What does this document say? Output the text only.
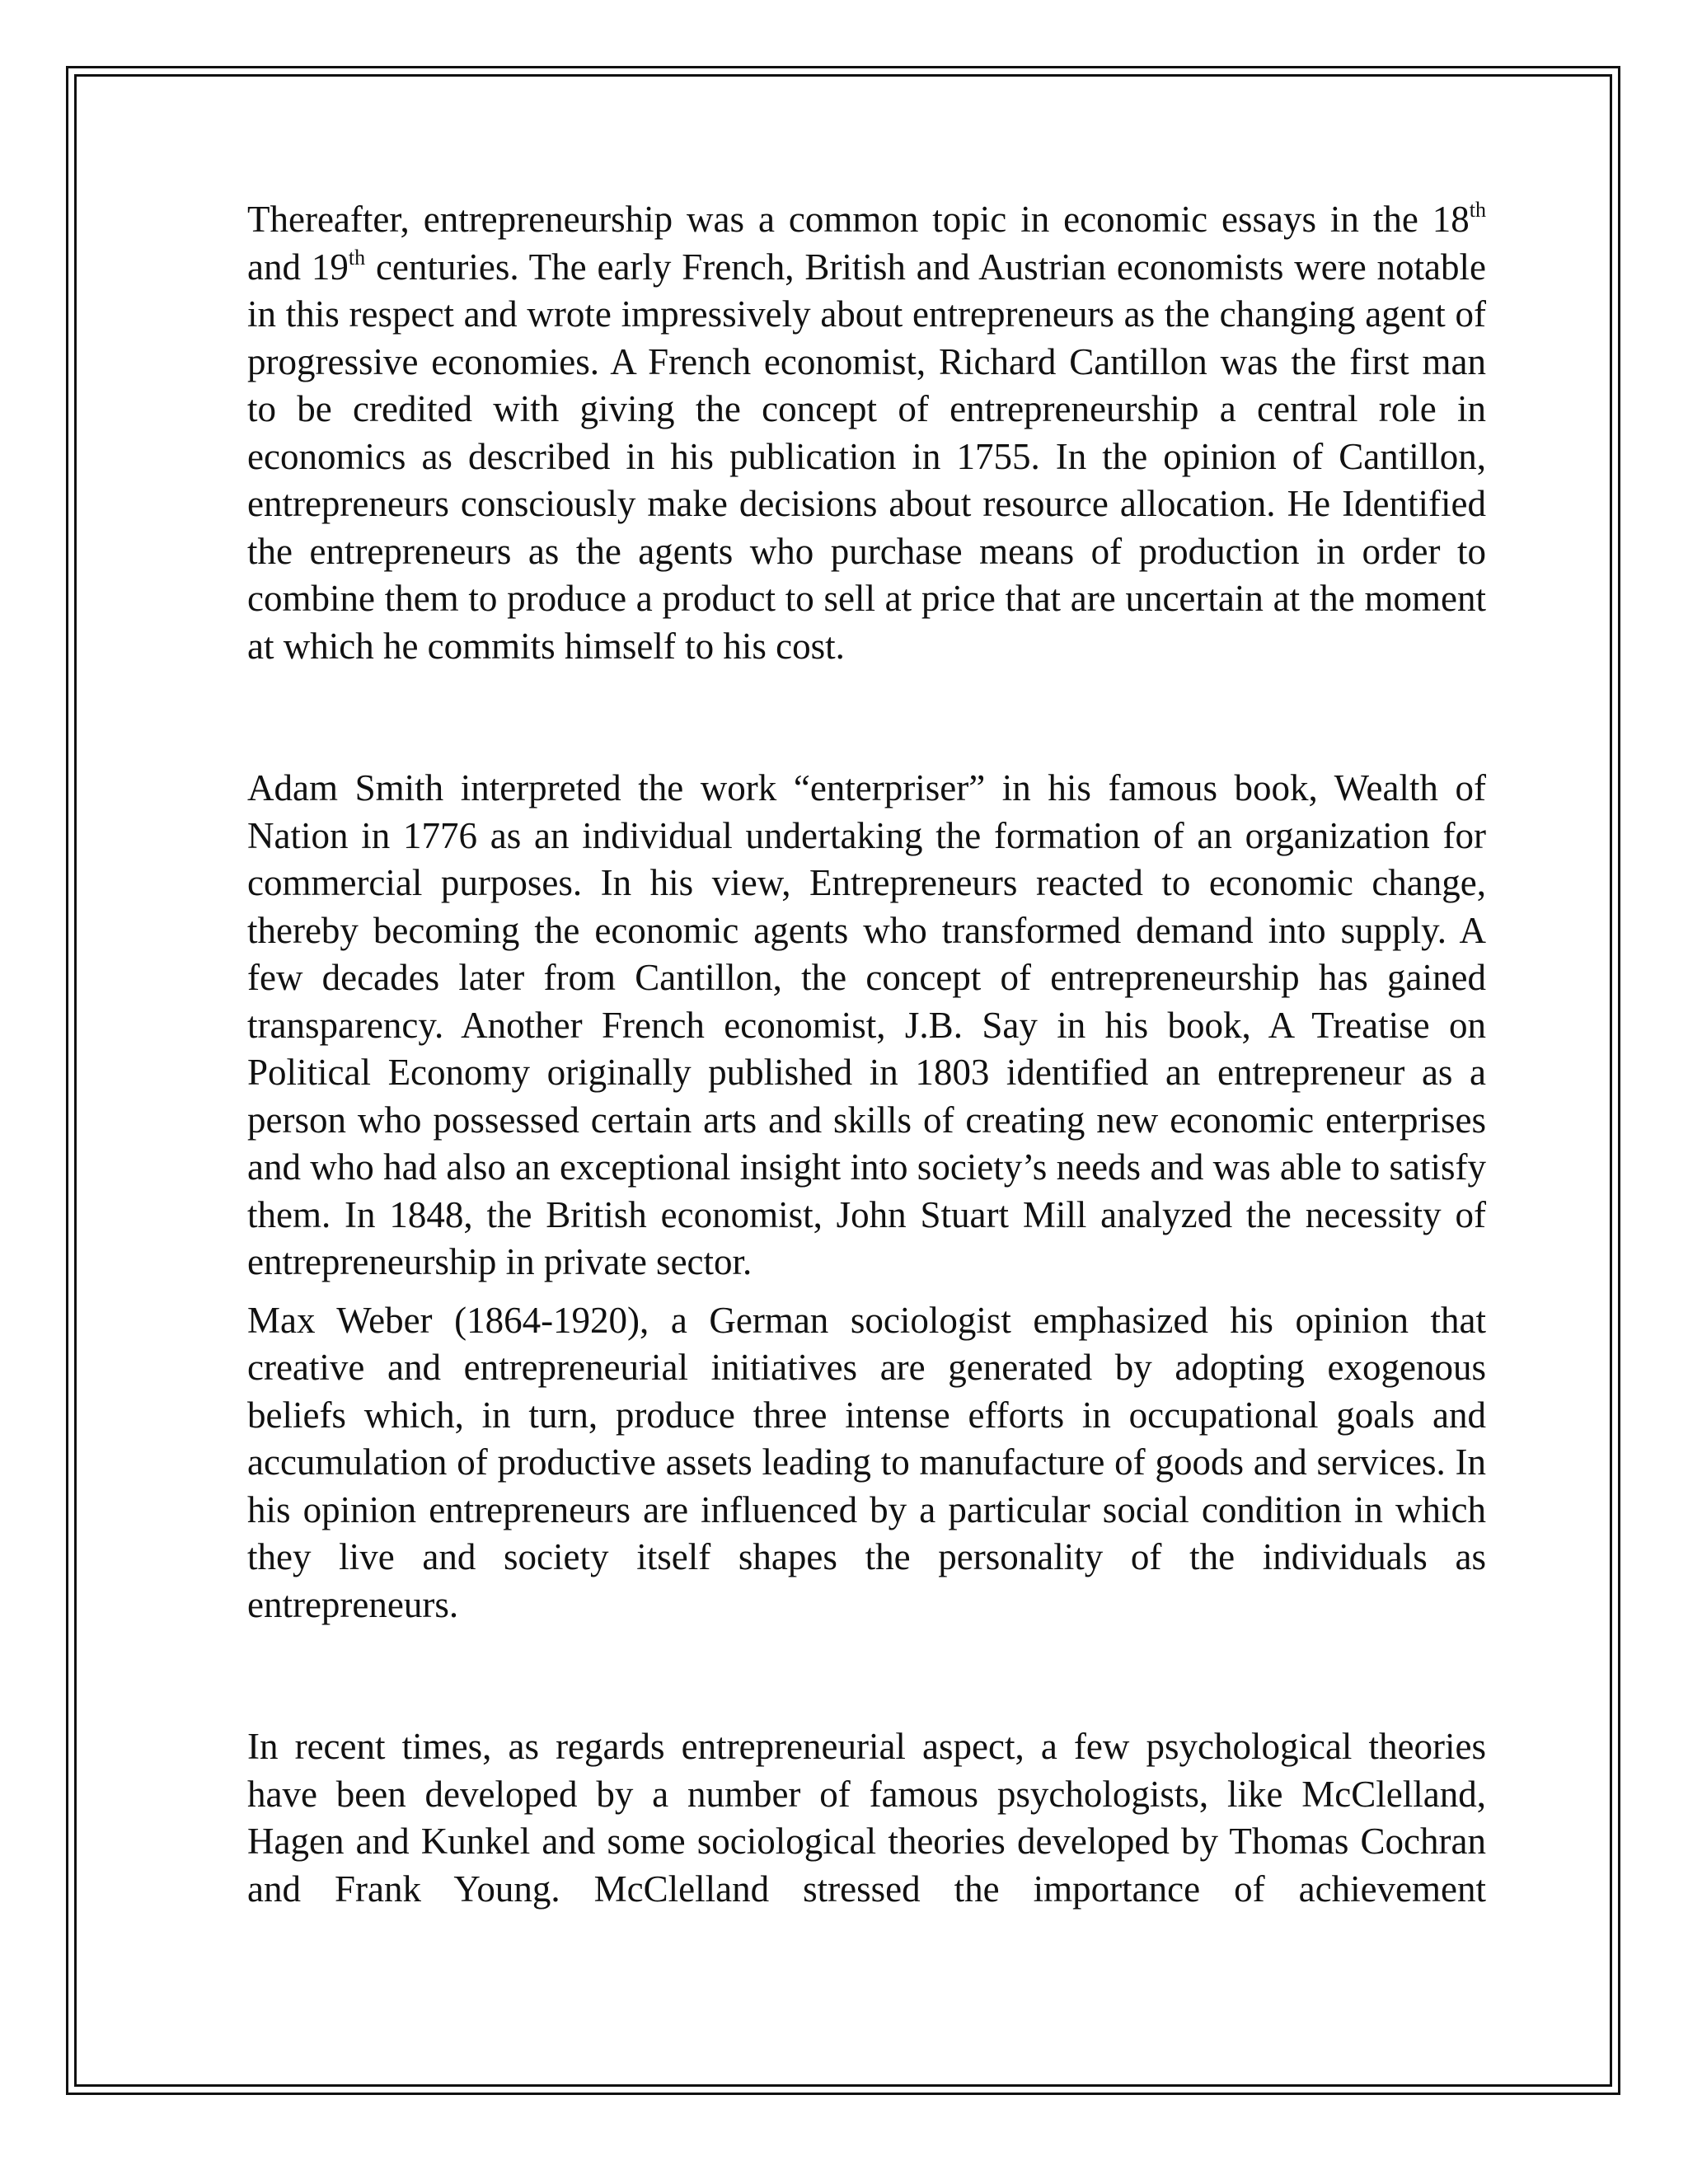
Thereafter, entrepreneurship was a common topic in economic essays in the 18th and 19th centuries. The early French, British and Austrian economists were notable in this respect and wrote impressively about entrepreneurs as the changing agent of progressive economies. A French economist, Richard Cantillon was the first man to be credited with giving the concept of entrepreneurship a central role in economics as described in his publication in 1755. In the opinion of Cantillon, entrepreneurs consciously make decisions about resource allocation. He Identified the entrepreneurs as the agents who purchase means of production in order to combine them to produce a product to sell at price that are uncertain at the moment at which he commits himself to his cost.

Adam Smith interpreted the work “enterpriser” in his famous book, Wealth of Nation in 1776 as an individual undertaking the formation of an organization for commercial purposes. In his view, Entrepreneurs reacted to economic change, thereby becoming the economic agents who transformed demand into supply. A few decades later from Cantillon, the concept of entrepreneurship has gained transparency. Another French economist, J.B. Say in his book, A Treatise on Political Economy originally published in 1803 identified an entrepreneur as a person who possessed certain arts and skills of creating new economic enterprises and who had also an exceptional insight into society’s needs and was able to satisfy them. In 1848, the British economist, John Stuart Mill analyzed the necessity of entrepreneurship in private sector.

Max Weber (1864-1920), a German sociologist emphasized his opinion that creative and entrepreneurial initiatives are generated by adopting exogenous beliefs which, in turn, produce three intense efforts in occupational goals and accumulation of productive assets leading to manufacture of goods and services. In his opinion entrepreneurs are influenced by a particular social condition in which they live and society itself shapes the personality of the individuals as entrepreneurs.

In recent times, as regards entrepreneurial aspect, a few psychological theories have been developed by a number of famous psychologists, like McClelland, Hagen and Kunkel and some sociological theories developed by Thomas Cochran and Frank Young. McClelland stressed the importance of achievement
